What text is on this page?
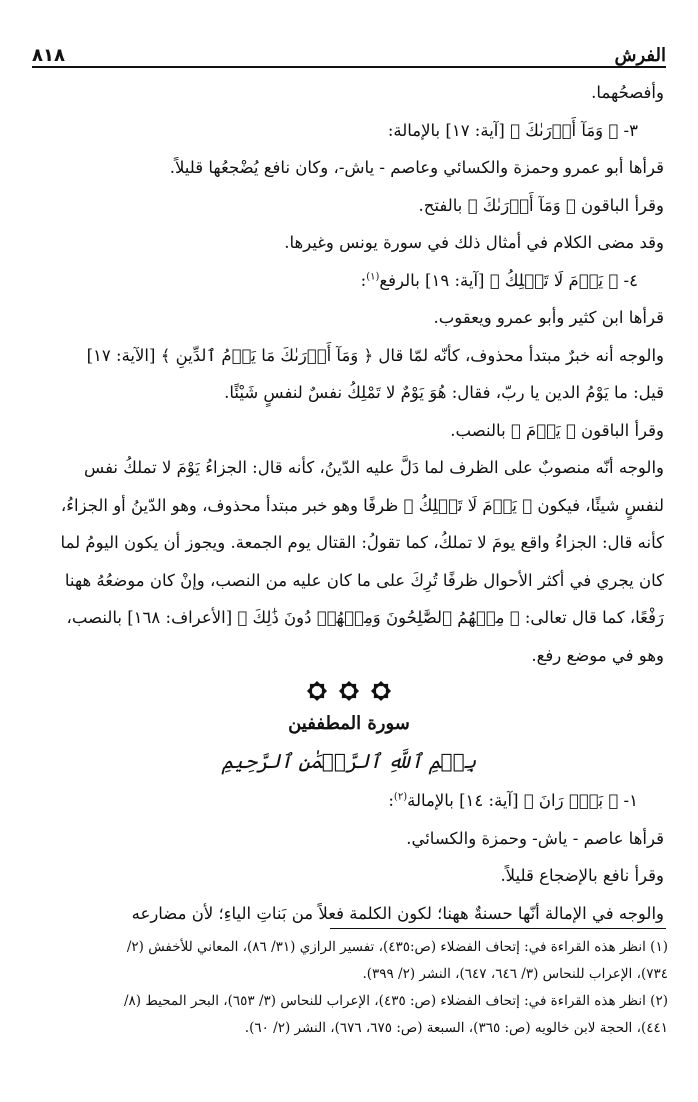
٨١٨	الفرش
وأفصحُهما.
٣- ﴿ وَمَآ أَدۡرَىٰكَ ﴾ [آية: ١٧] بالإمالة:
قرأها أبو عمرو وحمزة والكسائي وعاصم - ياش-، وكان نافع يُضْجعُها قليلاً.
وقرأ الباقون ﴿ وَمَآ أَدۡرَىٰكَ ﴾ بالفتح.
وقد مضى الكلام في أمثال ذلك في سورة يونس وغيرها.
٤- ﴿ يَوۡمَ لَا تَمۡلِكُ ﴾ [آية: ١٩] بالرفع$^{(١)}$:
قرأها ابن كثير وأبو عمرو ويعقوب.
والوجه أنه خبرٌ مبتدأ محذوف، كأنّه لمّا قال ﴿ وَمَآ أَدۡرَىٰكَ مَا يَوۡمُ ٱلدِّينِ ﴾ [الآية: ١٧]
قيل: ما يَوْمُ الدين يا ربّ، فقال: هُوَ يَوْمٌ لا تَمْلِكُ نفسٌ لنفسٍ شَيْئًا.
وقرأ الباقون ﴿ يَوۡمَ ﴾ بالنصب.
والوجه أنّه منصوبٌ على الظرف لما دَلَّ عليه الدّينُ، كأنه قال: الجزاءُ يَوْمَ لا تملكُ نفس
لنفسٍ شيئًا، فيكون ﴿ يَوۡمَ لَا تَمۡلِكُ ﴾ ظرفًا وهو خبر مبتدأ محذوف، وهو الدّينُ أو الجزاءُ،
كأنه قال: الجزاءُ واقع يومَ لا تملكُ، كما تقولُ: القتال يوم الجمعة. ويجوز أن يكون اليومُ لما
كان يجري في أكثر الأحوال ظرفًا تُرِكَ على ما كان عليه من النصب، وإنْ كان موضعُهُ ههنا
رَفْعًا، كما قال تعالى: ﴿ مِنۡهُمُ ٱلصَّٰلِحُونَ وَمِنۡهُمۡ دُونَ ذَٰلِكَ ﴾ [الأعراف: ١٦٨] بالنصب،
وهو في موضع رفع.
سورة المطففين
بِسۡمِ ٱللَّهِ ٱلرَّحۡمَٰنِ ٱلرَّحِيمِ
١- ﴿ بَلۡۜ رَانَ ﴾ [آية: ١٤] بالإمالة$^{(٢)}$:
قرأها عاصم - ياش- وحمزة والكسائي.
وقرأ نافع بالإضجاع قليلاً.
والوجه في الإمالة أنّها حسنةٌ ههنا؛ لكون الكلمة فعلاً من بَناتِ الياءِ؛ لأن مضارعه
(١) انظر هذه القراءة في: إتحاف الفضلاء (ص:٤٣٥)، تفسير الرازي (٣١/ ٨٦)، المعاني للأخفش (٢/
٧٣٤)، الإعراب للنحاس (٣/ ٦٤٦، ٦٤٧)، النشر (٢/ ٣٩٩).
(٢) انظر هذه القراءة في: إتحاف الفضلاء (ص: ٤٣٥)، الإعراب للنحاس (٣/ ٦٥٣)، البحر المحيط (٨/
٤٤١)، الحجة لابن خالويه (ص: ٣٦٥)، السبعة (ص: ٦٧٥، ٦٧٦)، النشر (٢/ ٦٠).
